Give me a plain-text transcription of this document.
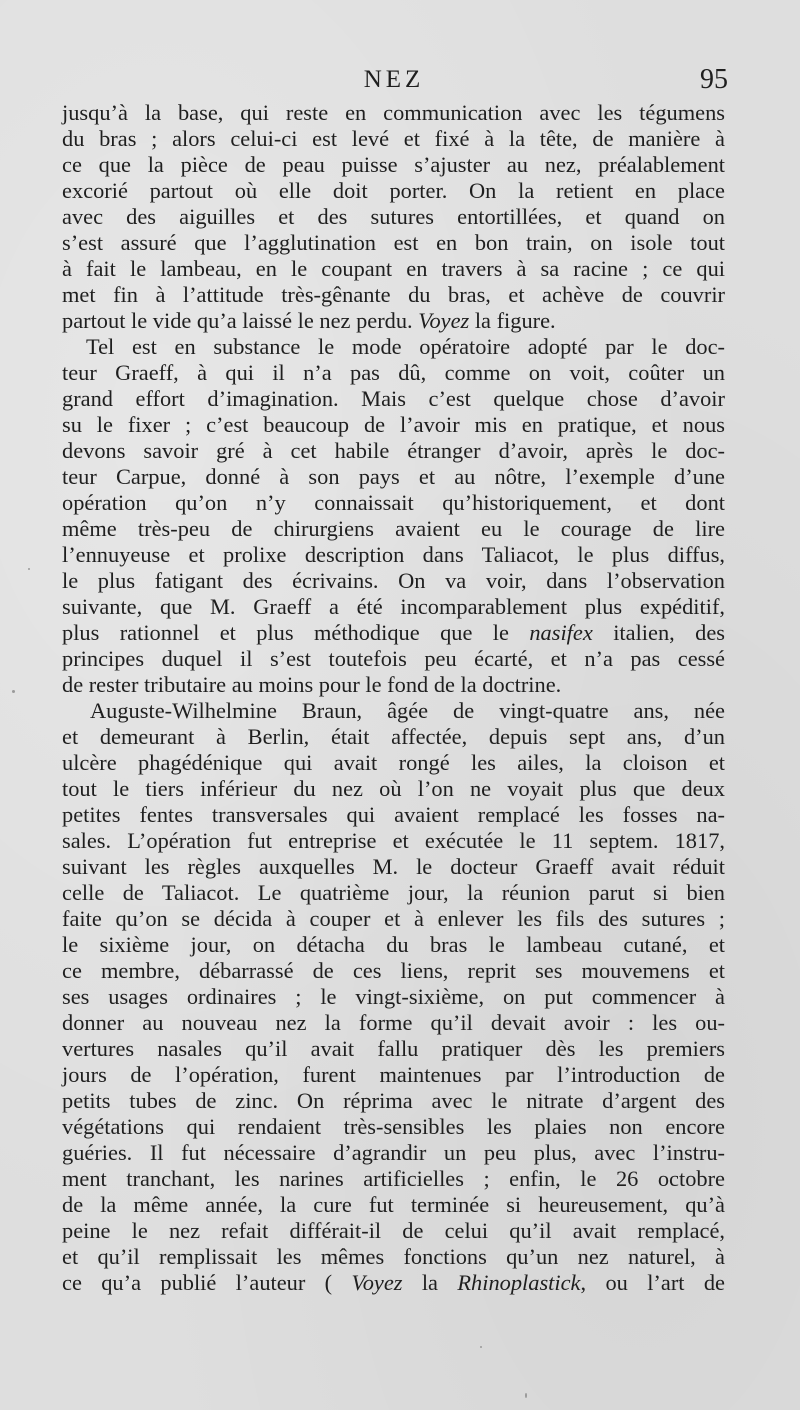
NEZ	95
jusqu’à la base, qui reste en communication avec les tégumens
du bras ; alors celui-ci est levé et fixé à la tête, de manière à
ce que la pièce de peau puisse s’ajuster au nez, préalablement
excorié partout où elle doit porter. On la retient en place
avec des aiguilles et des sutures entortillées, et quand on
s’est assuré que l’agglutination est en bon train, on isole tout
à fait le lambeau, en le coupant en travers à sa racine ; ce qui
met fin à l’attitude très-gênante du bras, et achève de couvrir
partout le vide qu’a laissé le nez perdu. Voyez la figure.
Tel est en substance le mode opératoire adopté par le doc-
teur Graeff, à qui il n’a pas dû, comme on voit, coûter un
grand effort d’imagination. Mais c’est quelque chose d’avoir
su le fixer ; c’est beaucoup de l’avoir mis en pratique, et nous
devons savoir gré à cet habile étranger d’avoir, après le doc-
teur Carpue, donné à son pays et au nôtre, l’exemple d’une
opération qu’on n’y connaissait qu’historiquement, et dont
même très-peu de chirurgiens avaient eu le courage de lire
l’ennuyeuse et prolixe description dans Taliacot, le plus diffus,
le plus fatigant des écrivains. On va voir, dans l’observation
suivante, que M. Graeff a été incomparablement plus expéditif,
plus rationnel et plus méthodique que le nasifex italien, des
principes duquel il s’est toutefois peu écarté, et n’a pas cessé
de rester tributaire au moins pour le fond de la doctrine.
Auguste-Wilhelmine Braun, âgée de vingt-quatre ans, née
et demeurant à Berlin, était affectée, depuis sept ans, d’un
ulcère phagédénique qui avait rongé les ailes, la cloison et
tout le tiers inférieur du nez où l’on ne voyait plus que deux
petites fentes transversales qui avaient remplacé les fosses na-
sales. L’opération fut entreprise et exécutée le 11 septem. 1817,
suivant les règles auxquelles M. le docteur Graeff avait réduit
celle de Taliacot. Le quatrième jour, la réunion parut si bien
faite qu’on se décida à couper et à enlever les fils des sutures ;
le sixième jour, on détacha du bras le lambeau cutané, et
ce membre, débarrassé de ces liens, reprit ses mouvemens et
ses usages ordinaires ; le vingt-sixième, on put commencer à
donner au nouveau nez la forme qu’il devait avoir : les ou-
vertures nasales qu’il avait fallu pratiquer dès les premiers
jours de l’opération, furent maintenues par l’introduction de
petits tubes de zinc. On réprima avec le nitrate d’argent des
végétations qui rendaient très-sensibles les plaies non encore
guéries. Il fut nécessaire d’agrandir un peu plus, avec l’instru-
ment tranchant, les narines artificielles ; enfin, le 26 octobre
de la même année, la cure fut terminée si heureusement, qu’à
peine le nez refait différait-il de celui qu’il avait remplacé,
et qu’il remplissait les mêmes fonctions qu’un nez naturel, à
ce qu’a publié l’auteur ( Voyez la Rhinoplastick, ou l’art de
